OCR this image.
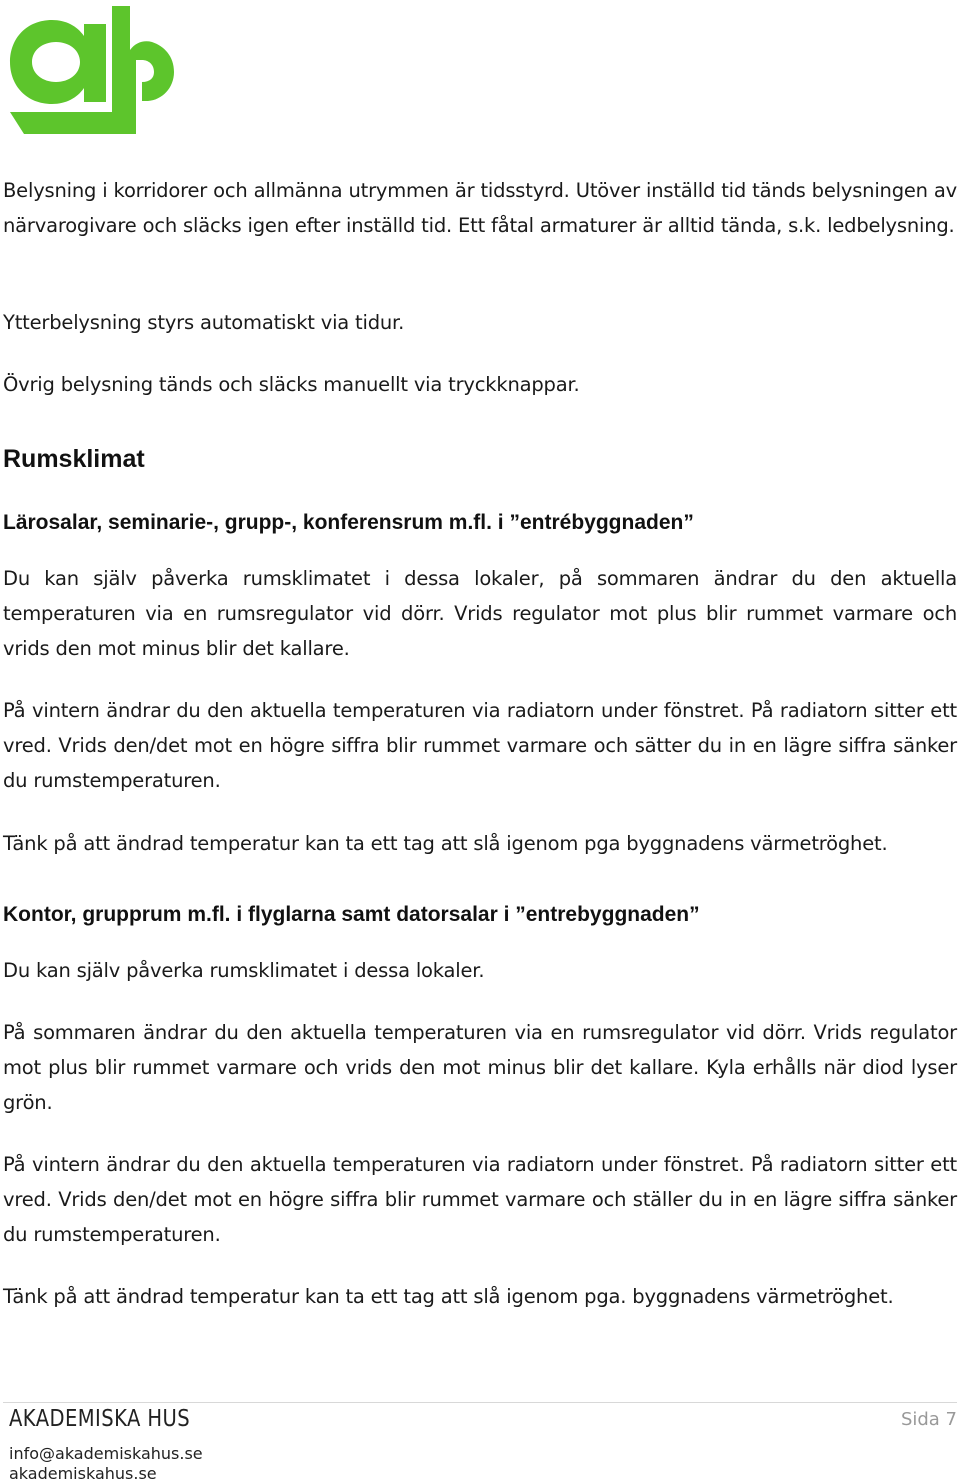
Belysning i korridorer och allmänna utrymmen är tidsstyrd. Utöver inställd tid tänds belysningen av närvarogivare och släcks igen efter inställd tid. Ett fåtal armaturer är alltid tända, s.k. ledbelysning.

Ytterbelysning styrs automatiskt via tidur.

Övrig belysning tänds och släcks manuellt via tryckknappar.

Rumsklimat
Lärosalar, seminarie-, grupp-, konferensrum m.fl. i ”entrébyggnaden”

Du kan själv påverka rumsklimatet i dessa lokaler, på sommaren ändrar du den aktuella temperaturen via en rumsregulator vid dörr. Vrids regulator mot plus blir rummet varmare och vrids den mot minus blir det kallare.

På vintern ändrar du den aktuella temperaturen via radiatorn under fönstret. På radiatorn sitter ett vred. Vrids den/det mot en högre siffra blir rummet varmare och sätter du in en lägre siffra sänker du rumstemperaturen.

Tänk på att ändrad temperatur kan ta ett tag att slå igenom pga byggnadens värmetröghet.

Kontor, grupprum m.fl. i flyglarna samt datorsalar i ”entrebyggnaden”

Du kan själv påverka rumsklimatet i dessa lokaler.

På sommaren ändrar du den aktuella temperaturen via en rumsregulator vid dörr. Vrids regulator mot plus blir rummet varmare och vrids den mot minus blir det kallare. Kyla erhålls när diod lyser grön.

På vintern ändrar du den aktuella temperaturen via radiatorn under fönstret. På radiatorn sitter ett vred. Vrids den/det mot en högre siffra blir rummet varmare och ställer du in en lägre siffra sänker du rumstemperaturen.

Tänk på att ändrad temperatur kan ta ett tag att slå igenom pga. byggnadens värmetröghet.

AKADEMISKA HUS
info@akademiskahus.se
akademiskahus.se
Sida 7
